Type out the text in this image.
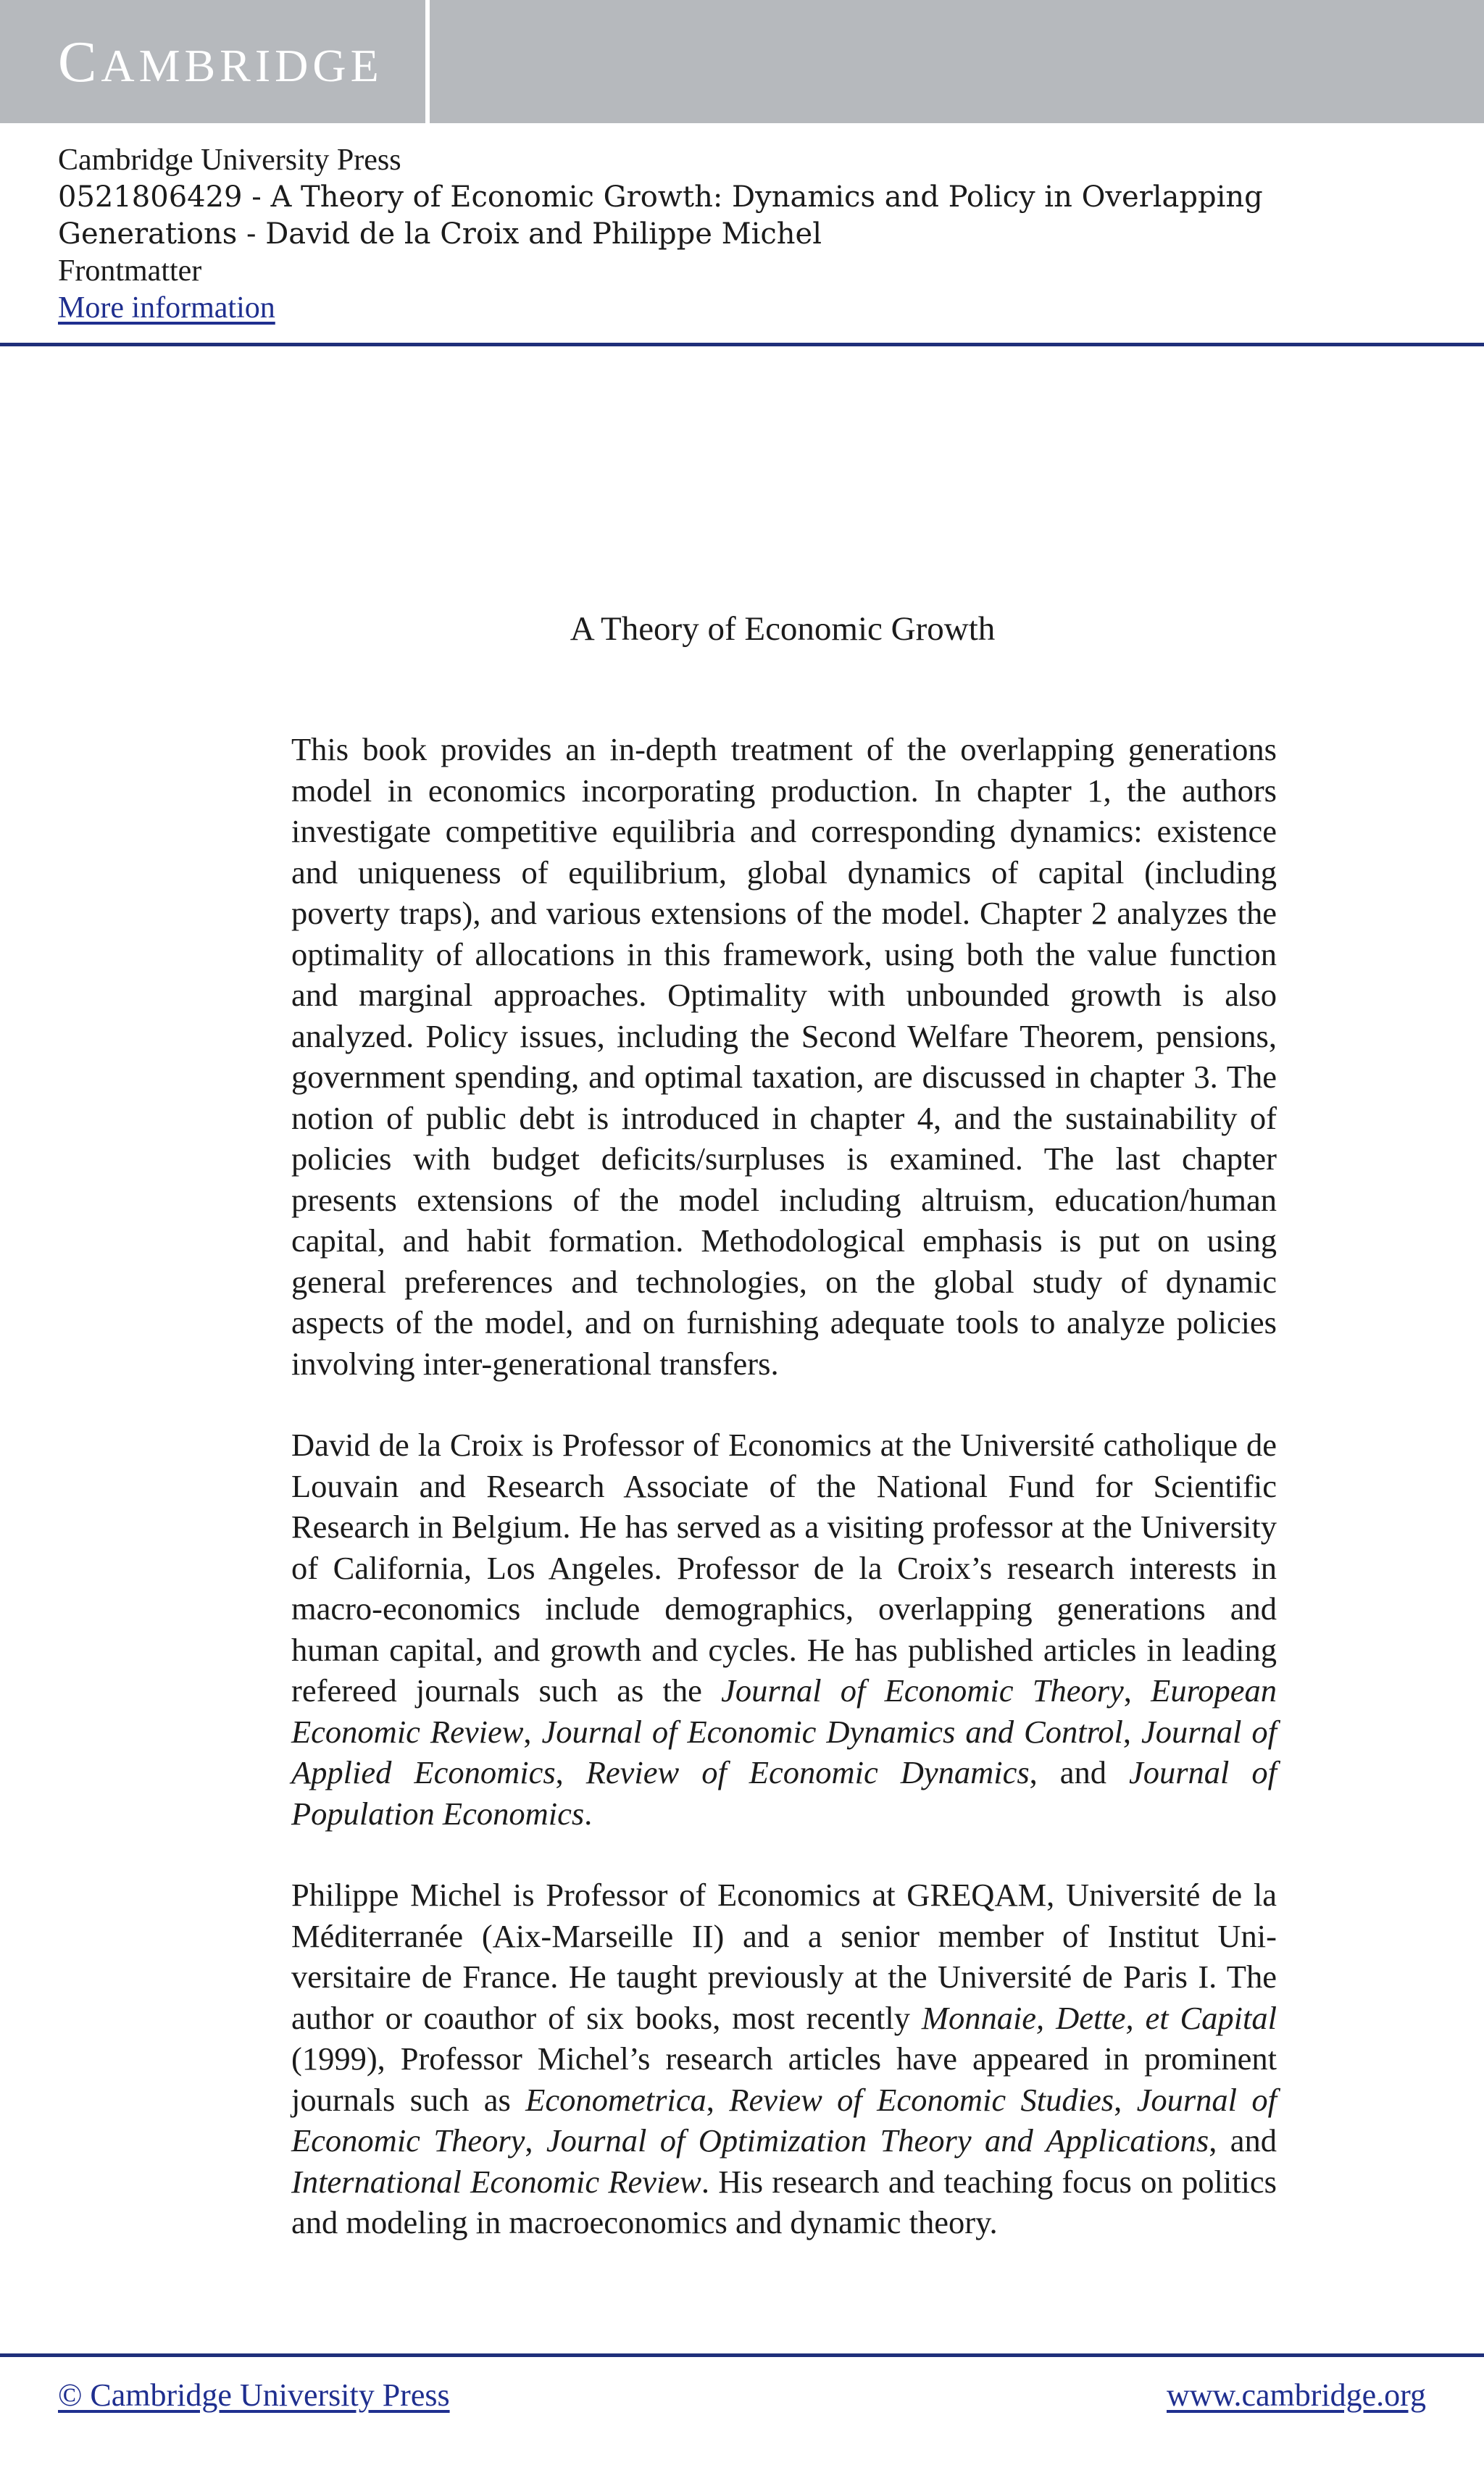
CAMBRIDGE
Cambridge University Press
0521806429 - A Theory of Economic Growth: Dynamics and Policy in Overlapping
Generations - David de la Croix and Philippe Michel
Frontmatter
More information
A Theory of Economic Growth

This book provides an in-depth treatment of the overlapping generations model in economics incorporating production. In chapter 1, the authors investigate competitive equilibria and corresponding dynamics: existence and uniqueness of equilibrium, global dynamics of capital (including poverty traps), and various extensions of the model. Chapter 2 analyzes the optimality of allocations in this framework, using both the value function and marginal approaches. Optimality with unbounded growth is also analyzed. Policy issues, including the Second Welfare Theorem, pensions, government spending, and optimal taxation, are discussed in chapter 3. The notion of public debt is introduced in chapter 4, and the sustainability of policies with budget deficits/surpluses is examined. The last chapter presents extensions of the model including altruism, education/human capital, and habit formation. Methodological emphasis is put on using general preferences and technologies, on the global study of dynamic aspects of the model, and on furnishing adequate tools to analyze policies involving inter-generational transfers.

David de la Croix is Professor of Economics at the Université catholique de Louvain and Research Associate of the National Fund for Scientific Research in Belgium. He has served as a visiting professor at the University of California, Los Angeles. Professor de la Croix’s research interests in macro-economics include demographics, overlapping generations and human capital, and growth and cycles. He has published articles in leading refereed journals such as the Journal of Economic Theory, European Economic Review, Journal of Economic Dynamics and Control, Journal of Applied Economics, Review of Economic Dynamics, and Journal of Population Economics.

Philippe Michel is Professor of Economics at GREQAM, Université de la Méditerranée (Aix-Marseille II) and a senior member of Institut Universitaire de France. He taught previously at the Université de Paris I. The author or coauthor of six books, most recently Monnaie, Dette, et Capital (1999), Professor Michel’s research articles have appeared in prominent journals such as Econometrica, Review of Economic Studies, Journal of Economic Theory, Journal of Optimization Theory and Applications, and International Economic Review. His research and teaching focus on politics and modeling in macroeconomics and dynamic theory.

© Cambridge University Press	www.cambridge.org
